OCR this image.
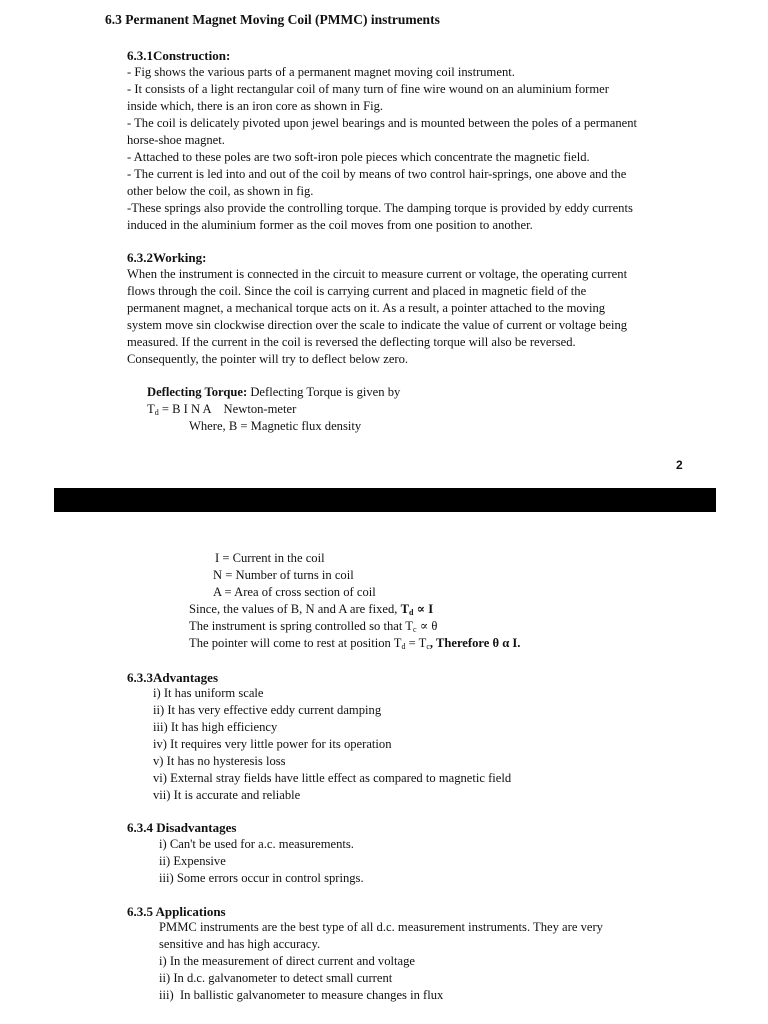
6.3 Permanent Magnet Moving Coil (PMMC) instruments
6.3.1Construction:
- Fig shows the various parts of a permanent magnet moving coil instrument.
- It consists of a light rectangular coil of many turn of fine wire wound on an aluminium former
inside which, there is an iron core as shown in Fig.
- The coil is delicately pivoted upon jewel bearings and is mounted between the poles of a permanent
horse-shoe magnet.
- Attached to these poles are two soft-iron pole pieces which concentrate the magnetic field.
- The current is led into and out of the coil by means of two control hair-springs, one above and the
other below the coil, as shown in fig.
-These springs also provide the controlling torque. The damping torque is provided by eddy currents
induced in the aluminium former as the coil moves from one position to another.
6.3.2Working:
When the instrument is connected in the circuit to measure current or voltage, the operating current
flows through the coil. Since the coil is carrying current and placed in magnetic field of the
permanent magnet, a mechanical torque acts on it. As a result, a pointer attached to the moving
system move sin clockwise direction over the scale to indicate the value of current or voltage being
measured. If the current in the coil is reversed the deflecting torque will also be reversed.
Consequently, the pointer will try to deflect below zero.
Deflecting Torque: Deflecting Torque is given by
$T_d = B$ I N A    Newton-meter
Where, B = Magnetic flux density
2
I = Current in the coil
N = Number of turns in coil
A = Area of cross section of coil
Since, the values of B, N and A are fixed, $T_d \propto I$
The instrument is spring controlled so that $T_c \propto \theta$
The pointer will come to rest at position $T_d = T_c$, Therefore θ α I.
6.3.3Advantages
i) It has uniform scale
ii) It has very effective eddy current damping
iii) It has high efficiency
iv) It requires very little power for its operation
v) It has no hysteresis loss
vi) External stray fields have little effect as compared to magnetic field
vii) It is accurate and reliable
6.3.4 Disadvantages
i) Can't be used for a.c. measurements.
ii) Expensive
iii) Some errors occur in control springs.
6.3.5 Applications
PMMC instruments are the best type of all d.c. measurement instruments. They are very
sensitive and has high accuracy.
i) In the measurement of direct current and voltage
ii) In d.c. galvanometer to detect small current
iii)  In ballistic galvanometer to measure changes in flux
